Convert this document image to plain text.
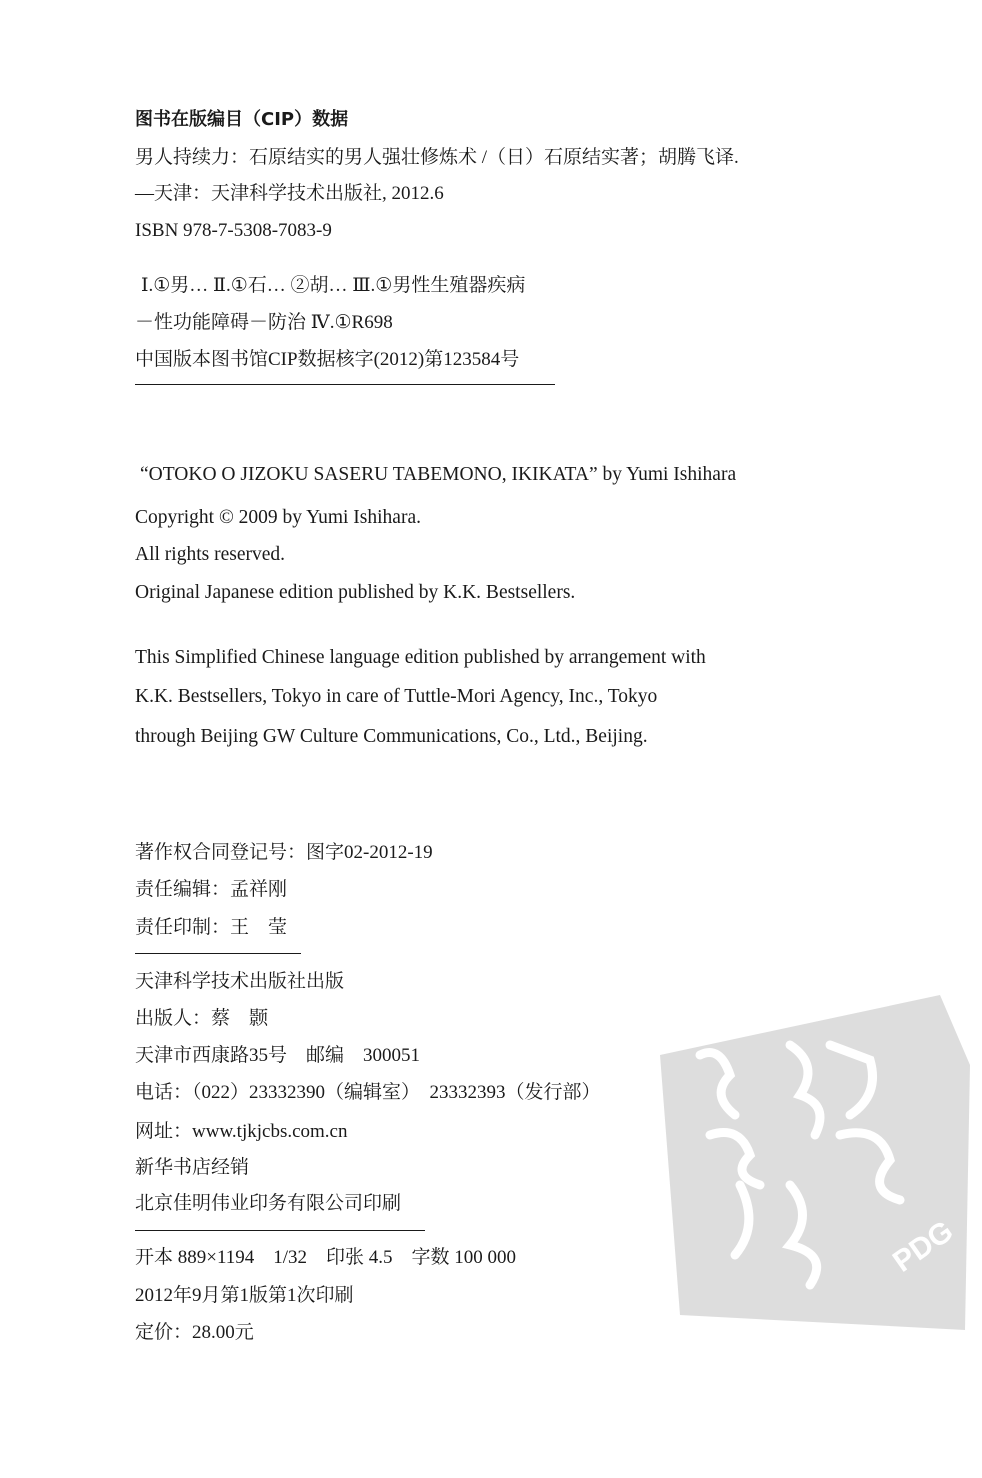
图书在版编目（CIP）数据
男人持续力：石原结实的男人强壮修炼术 /（日）石原结实著；胡腾飞译.
—天津：天津科学技术出版社, 2012.6
ISBN 978-7-5308-7083-9
Ⅰ.①男… Ⅱ.①石… ②胡… Ⅲ.①男性生殖器疾病
－性功能障碍－防治 Ⅳ.①R698
中国版本图书馆CIP数据核字(2012)第123584号
“OTOKO O JIZOKU SASERU TABEMONO, IKIKATA” by Yumi Ishihara
Copyright © 2009 by Yumi Ishihara.
All rights reserved.
Original Japanese edition published by K.K. Bestsellers.
This Simplified Chinese language edition published by arrangement with
K.K. Bestsellers, Tokyo in care of Tuttle-Mori Agency, Inc., Tokyo
through Beijing GW Culture Communications, Co., Ltd., Beijing.
著作权合同登记号：图字02-2012-19
责任编辑：孟祥刚
责任印制：王　莹
天津科学技术出版社出版
出版人：蔡　颢
天津市西康路35号　邮编　300051
电话：（022）23332390（编辑室）　23332393（发行部）
网址：www.tjkjcbs.com.cn
新华书店经销
北京佳明伟业印务有限公司印刷
开本 889×1194　1/32　印张 4.5　字数 100 000
2012年9月第1版第1次印刷
定价：28.00元
PDG
